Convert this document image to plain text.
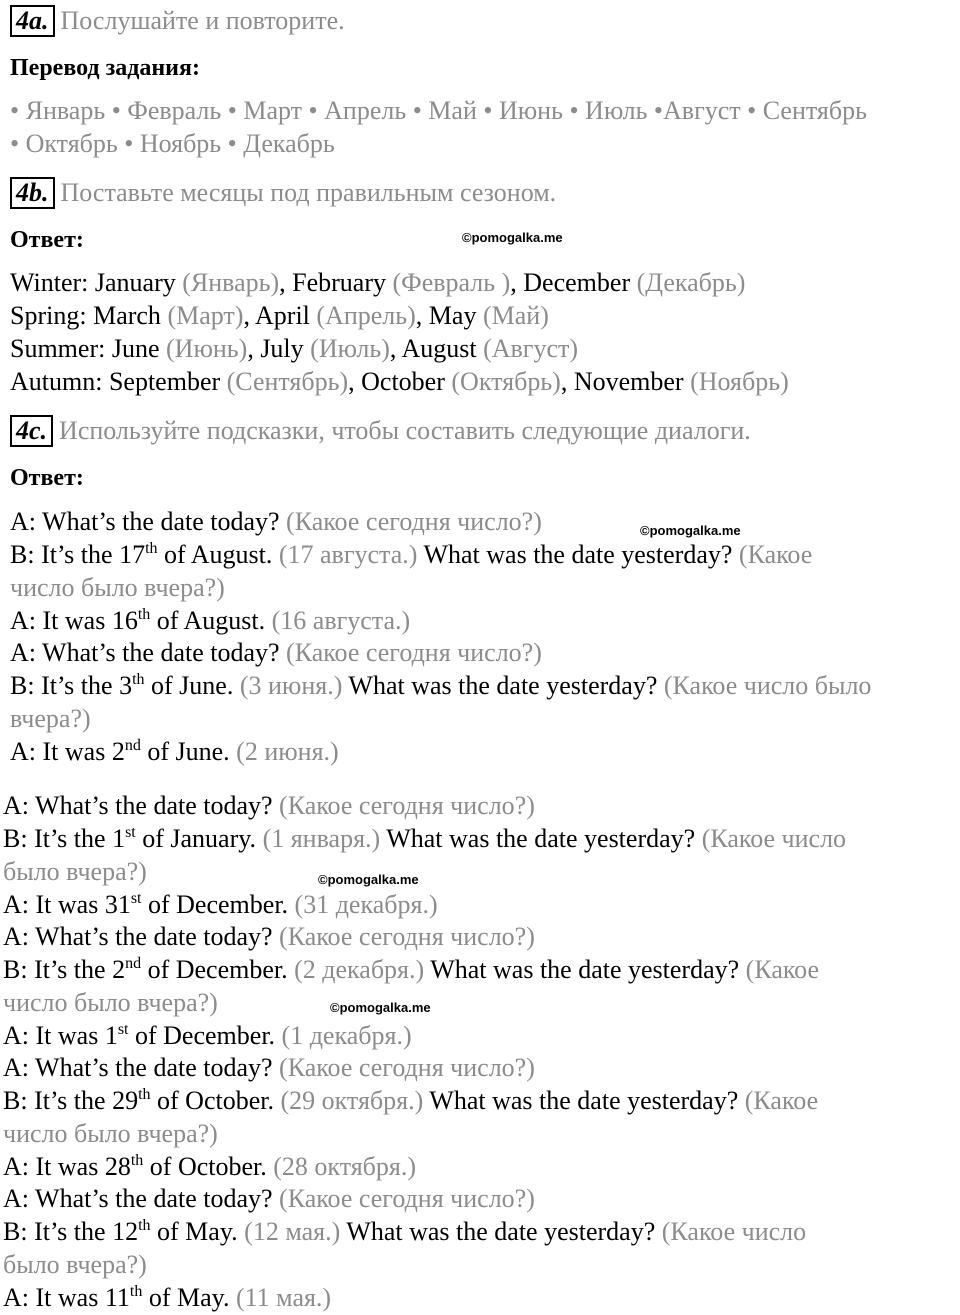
4a. Послушайте и повторите.
Перевод задания:
• Январь • Февраль • Март • Апрель • Май • Июнь • Июль •Август • Сентябрь
• Октябрь • Ноябрь • Декабрь
4b. Поставьте месяцы под правильным сезоном.
Ответ:	©pomogalka.me
Winter: January (Январь), February (Февраль ), December (Декабрь)
Spring: March (Март), April (Апрель), May (Май)
Summer: June (Июнь), July (Июль), August (Август)
Autumn: September (Сентябрь), October (Октябрь), November (Ноябрь)
4c. Используйте подсказки, чтобы составить следующие диалоги.
Ответ:
A: What’s the date today? (Какое сегодня число?)
B: It’s the 17th of August. (17 августа.) What was the date yesterday? (Какое
число было вчера?)
A: It was 16th of August. (16 августа.)
A: What’s the date today? (Какое сегодня число?)
B: It’s the 3th of June. (3 июня.) What was the date yesterday? (Какое число было
вчера?)
A: It was 2nd of June. (2 июня.)
A: What’s the date today? (Какое сегодня число?)
B: It’s the 1st of January. (1 января.) What was the date yesterday? (Какое число
было вчера?)
A: It was 31st of December. (31 декабря.)
A: What’s the date today? (Какое сегодня число?)
B: It’s the 2nd of December. (2 декабря.) What was the date yesterday? (Какое
число было вчера?)
A: It was 1st of December. (1 декабря.)
A: What’s the date today? (Какое сегодня число?)
B: It’s the 29th of October. (29 октября.) What was the date yesterday? (Какое
число было вчера?)
A: It was 28th of October. (28 октября.)
A: What’s the date today? (Какое сегодня число?)
B: It’s the 12th of May. (12 мая.) What was the date yesterday? (Какое число
было вчера?)
A: It was 11th of May. (11 мая.)
©pomogalka.me
©pomogalka.me
©pomogalka.me
